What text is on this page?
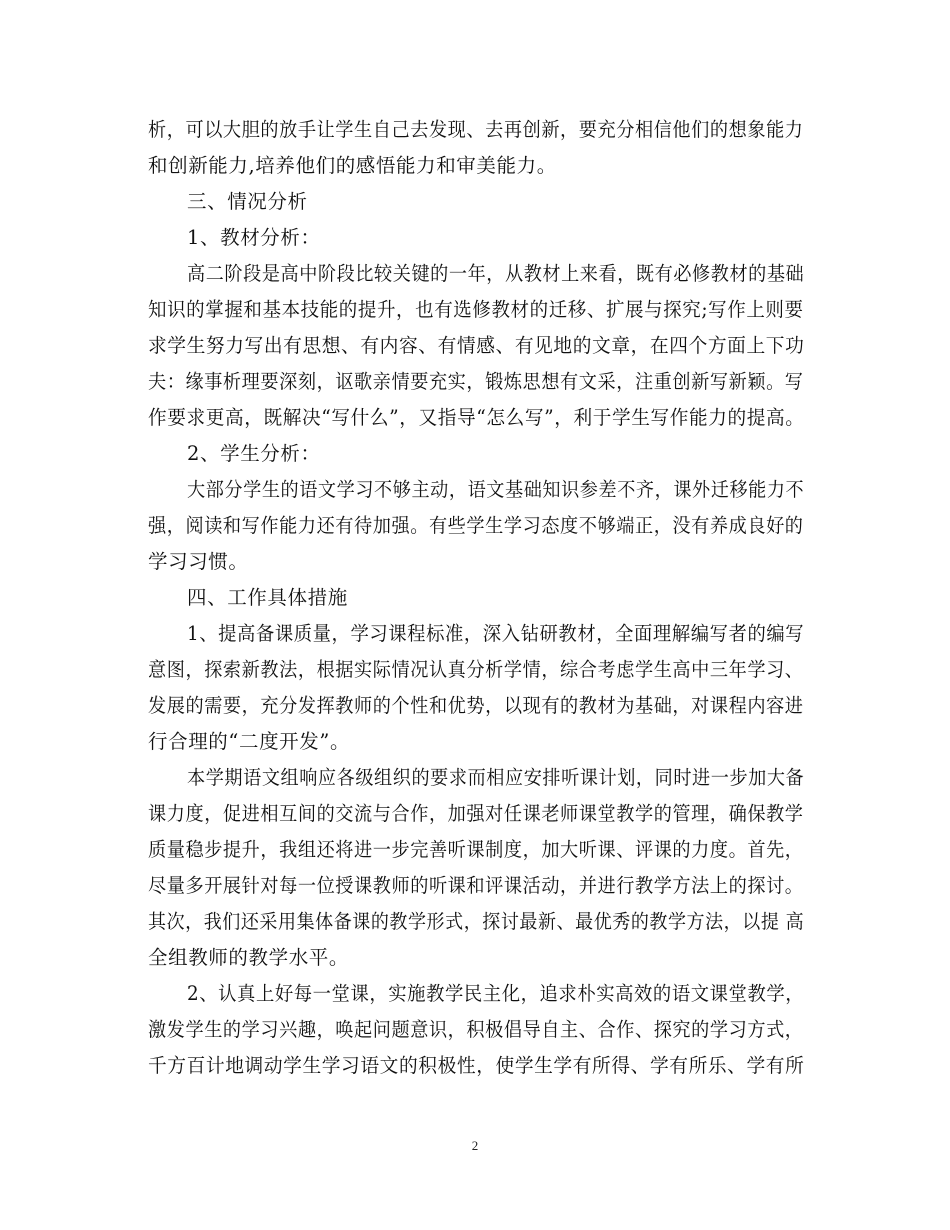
析，可以大胆的放手让学生自己去发现、去再创新，要充分相信他们的想象能力
和创新能力,培养他们的感悟能力和审美能力。
三、情况分析
1、教材分析：
高二阶段是高中阶段比较关键的一年，从教材上来看，既有必修教材的基础
知识的掌握和基本技能的提升，也有选修教材的迁移、扩展与探究;写作上则要
求学生努力写出有思想、有内容、有情感、有见地的文章，在四个方面上下功
夫：缘事析理要深刻，讴歌亲情要充实，锻炼思想有文采，注重创新写新颖。写
作要求更高，既解决“写什么”，又指导“怎么写”，利于学生写作能力的提高。
2、学生分析：
大部分学生的语文学习不够主动，语文基础知识参差不齐，课外迁移能力不
强，阅读和写作能力还有待加强。有些学生学习态度不够端正，没有养成良好的
学习习惯。
四、工作具体措施
1、提高备课质量，学习课程标准，深入钻研教材，全面理解编写者的编写
意图，探索新教法，根据实际情况认真分析学情，综合考虑学生高中三年学习、
发展的需要，充分发挥教师的个性和优势，以现有的教材为基础，对课程内容进
行合理的“二度开发”。
本学期语文组响应各级组织的要求而相应安排听课计划，同时进一步加大备
课力度，促进相互间的交流与合作，加强对任课老师课堂教学的管理，确保教学
质量稳步提升，我组还将进一步完善听课制度，加大听课、评课的力度。首先，
尽量多开展针对每一位授课教师的听课和评课活动，并进行教学方法上的探讨。
其次，我们还采用集体备课的教学形式，探讨最新、最优秀的教学方法，以提 高
全组教师的教学水平。
2、认真上好每一堂课，实施教学民主化，追求朴实高效的语文课堂教学，
激发学生的学习兴趣，唤起问题意识，积极倡导自主、合作、探究的学习方式，
千方百计地调动学生学习语文的积极性，使学生学有所得、学有所乐、学有所
2
